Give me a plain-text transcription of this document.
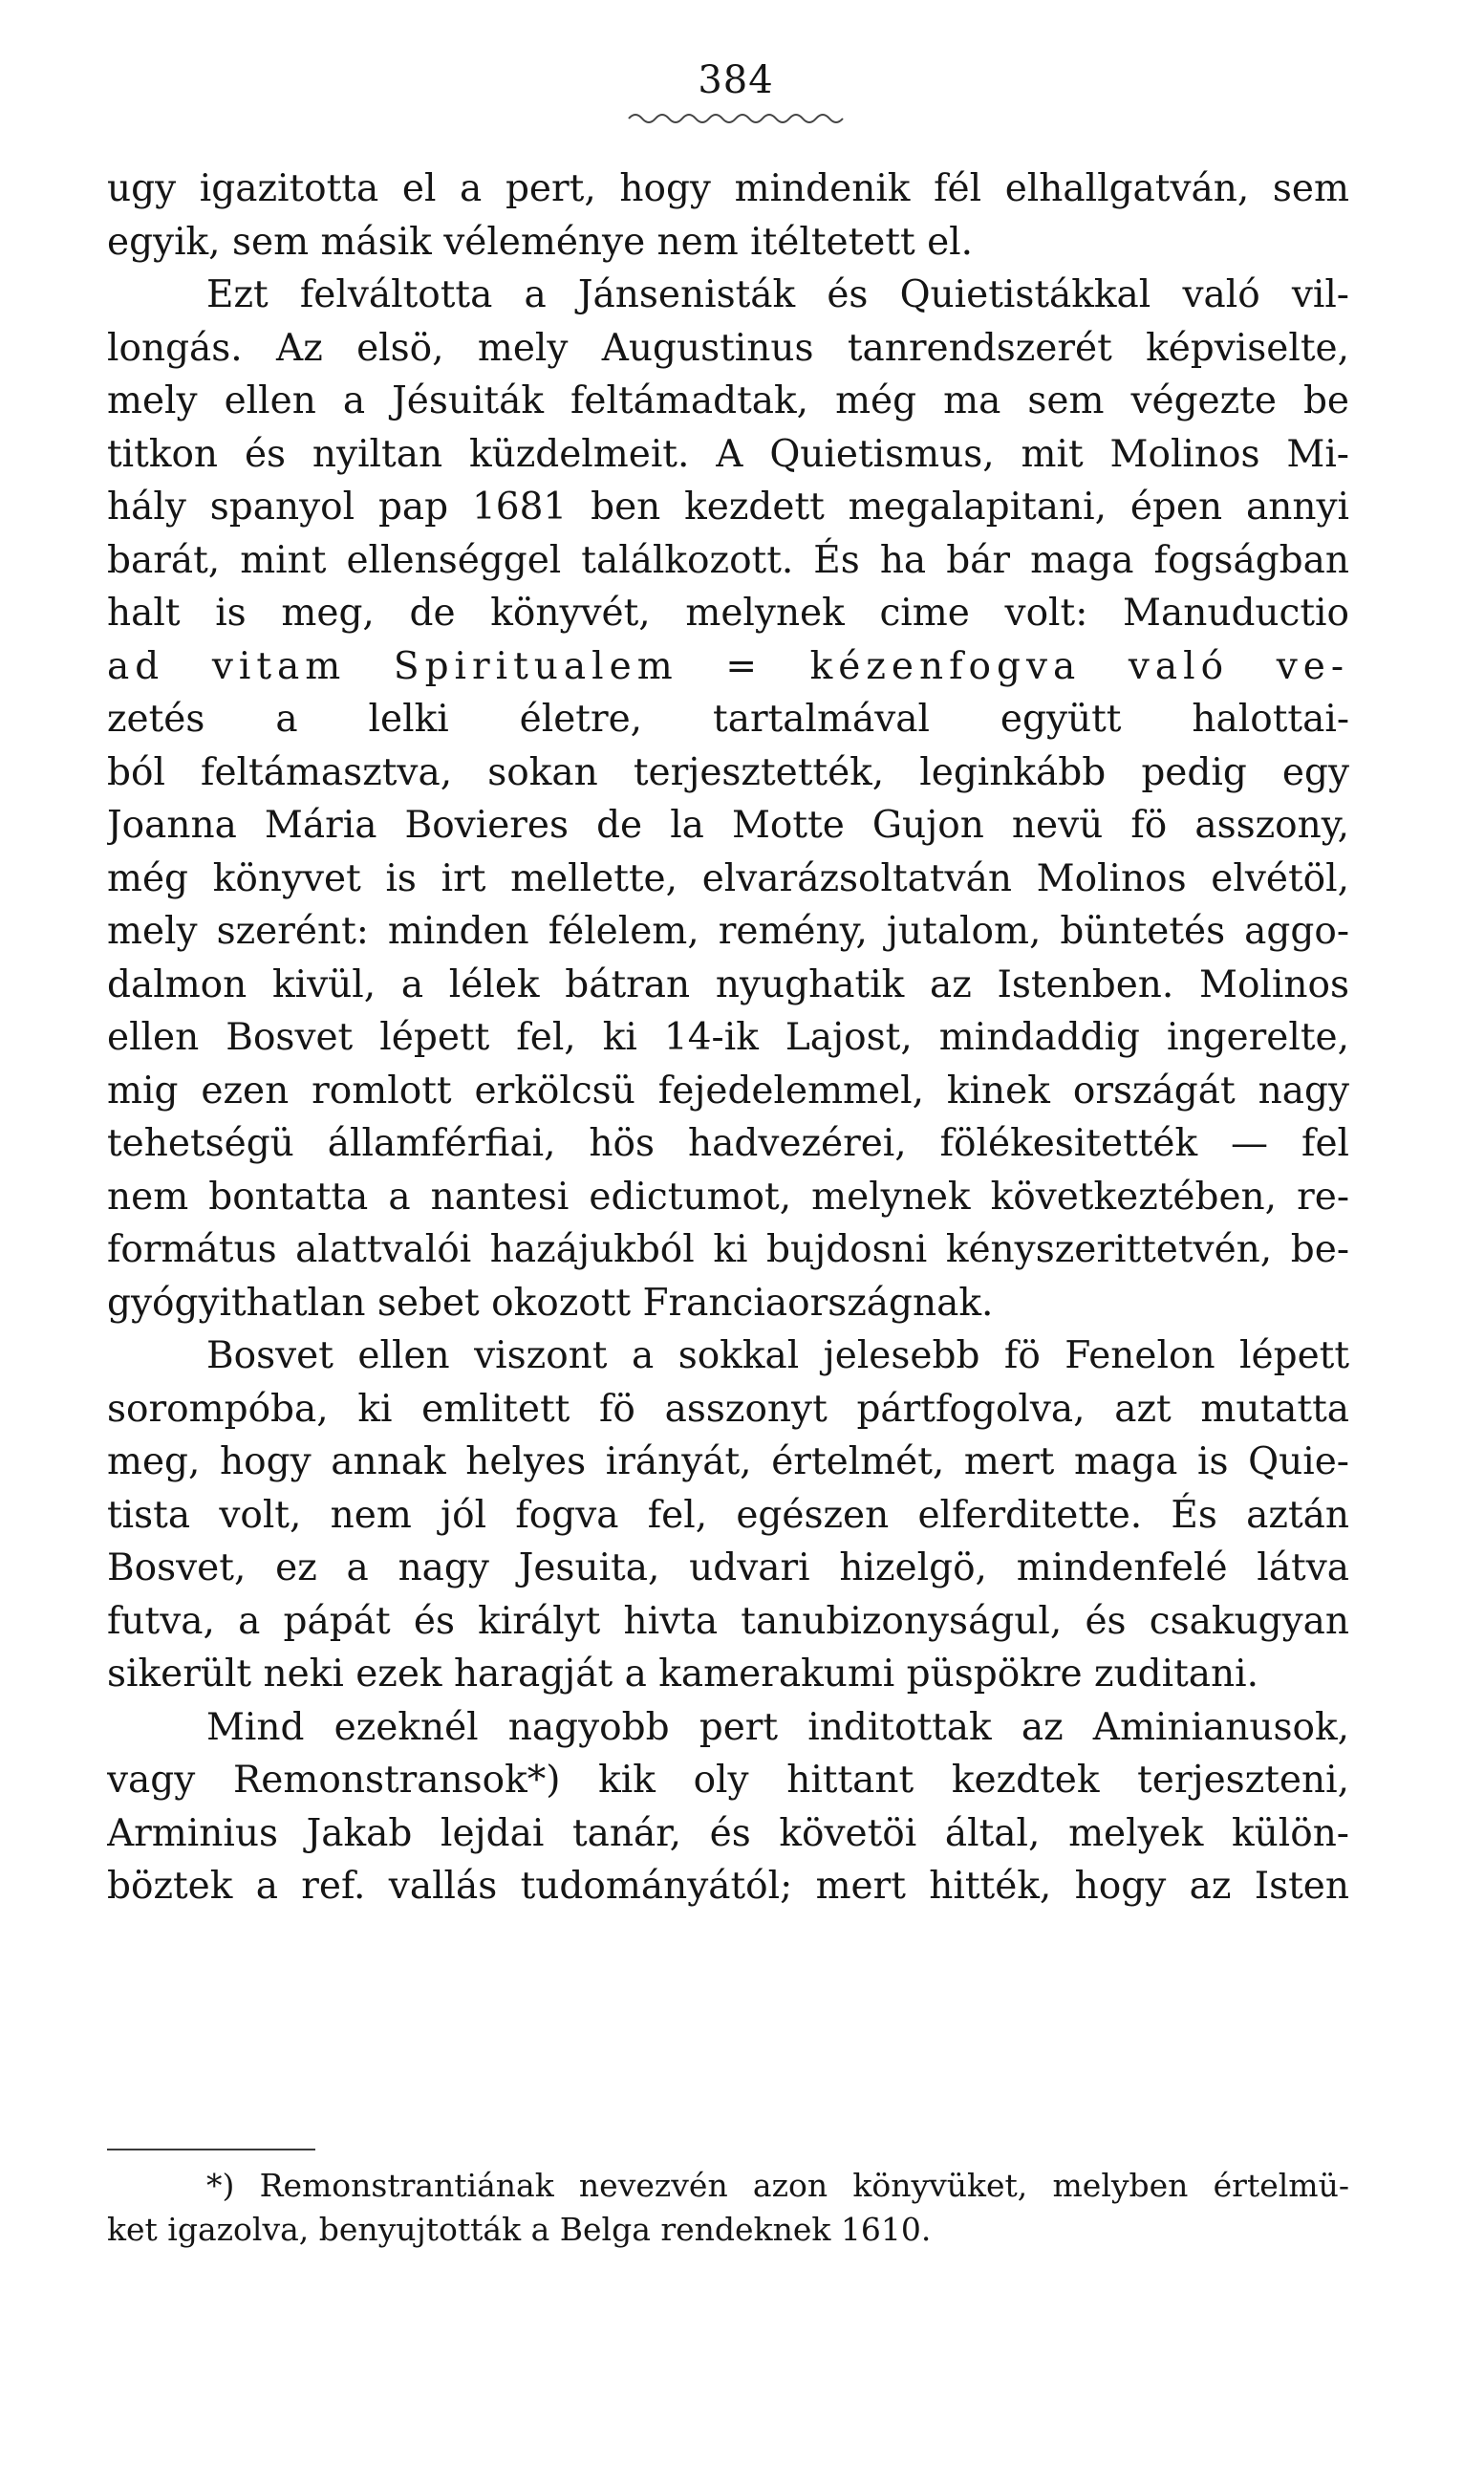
384
ugy igazitotta el a pert, hogy mindenik fél elhallgatván, sem
egyik, sem másik véleménye nem itéltetett el.
Ezt felváltotta a Jánsenisták és Quietistákkal való vil-
longás. Az elsö, mely Augustinus tanrendszerét képviselte,
mely ellen a Jésuiták feltámadtak, még ma sem végezte be
titkon és nyiltan küzdelmeit. A Quietismus, mit Molinos Mi-
hály spanyol pap 1681 ben kezdett megalapitani, épen annyi
barát, mint ellenséggel találkozott. És ha bár maga fogságban
halt is meg, de könyvét, melynek cime volt: Manuductio
ad vitam Spiritualem = kézenfogva való ve-
zetés a lelki életre, tartalmával együtt halottai-
ból feltámasztva, sokan terjesztették, leginkább pedig egy
Joanna Mária Bovieres de la Motte Gujon nevü fö asszony,
még könyvet is irt mellette, elvarázsoltatván Molinos elvétöl,
mely szerént: minden félelem, remény, jutalom, büntetés aggo-
dalmon kivül, a lélek bátran nyughatik az Istenben. Molinos
ellen Bosvet lépett fel, ki 14-ik Lajost, mindaddig ingerelte,
mig ezen romlott erkölcsü fejedelemmel, kinek országát nagy
tehetségü államférfiai, hös hadvezérei, fölékesitették — fel
nem bontatta a nantesi edictumot, melynek következtében, re-
formátus alattvalói hazájukból ki bujdosni kényszerittetvén, be-
gyógyithatlan sebet okozott Franciaországnak.
Bosvet ellen viszont a sokkal jelesebb fö Fenelon lépett
sorompóba, ki emlitett fö asszonyt pártfogolva, azt mutatta
meg, hogy annak helyes irányát, értelmét, mert maga is Quie-
tista volt, nem jól fogva fel, egészen elferditette. És aztán
Bosvet, ez a nagy Jesuita, udvari hizelgö, mindenfelé látva
futva, a pápát és királyt hivta tanubizonyságul, és csakugyan
sikerült neki ezek haragját a kamerakumi püspökre zuditani.
Mind ezeknél nagyobb pert inditottak az Aminianusok,
vagy Remonstransok*) kik oly hittant kezdtek terjeszteni,
Arminius Jakab lejdai tanár, és követöi által, melyek külön-
böztek a ref. vallás tudományától; mert hitték, hogy az Isten
*) Remonstrantiának nevezvén azon könyvüket, melyben értelmü-
ket igazolva, benyujtották a Belga rendeknek 1610.
